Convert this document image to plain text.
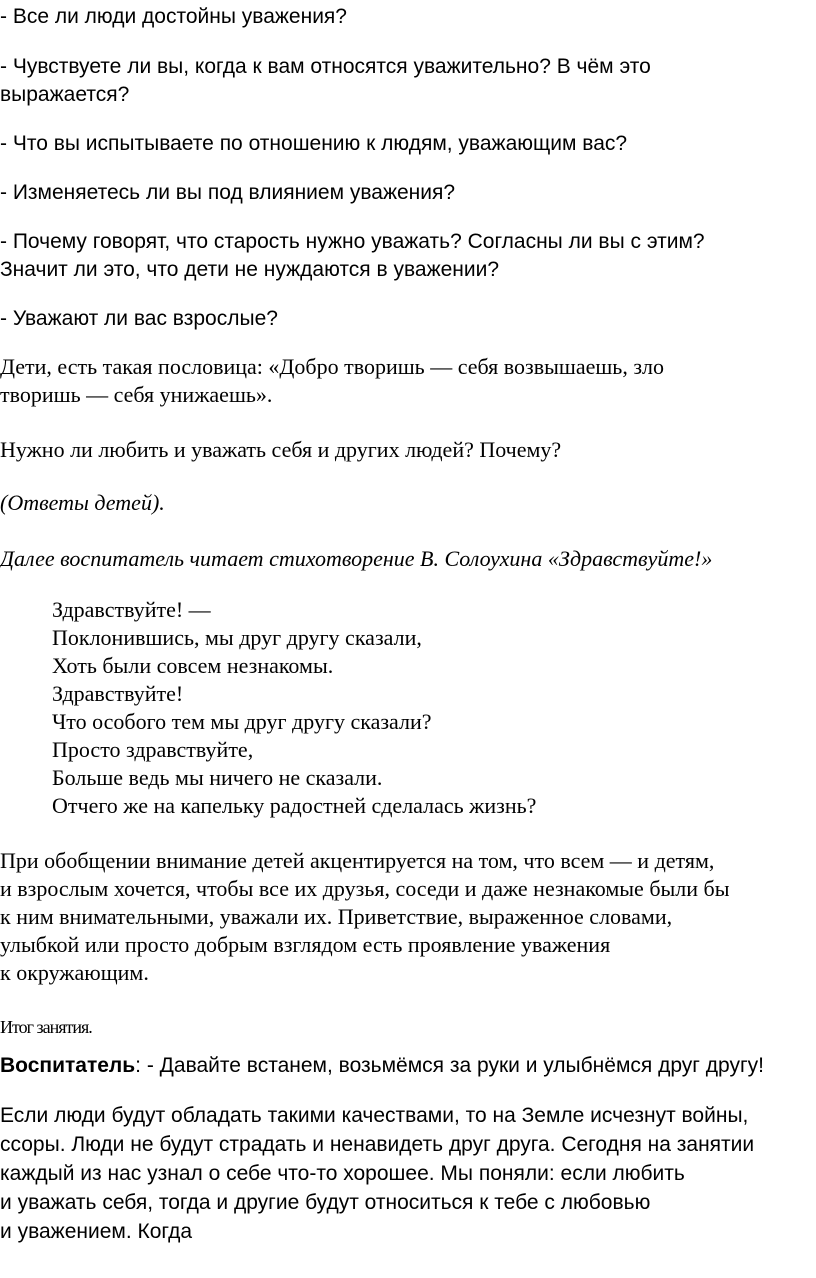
- Все ли люди достойны уважения?

- Чувствуете ли вы, когда к вам относятся уважительно? В чём это

выражается?

- Что вы испытываете по отношению к людям, уважающим вас?

- Изменяетесь ли вы под влиянием уважения?

- Почему говорят, что старость нужно уважать? Согласны ли вы с этим?

Значит ли это, что дети не нуждаются в уважении?

- Уважают ли вас взрослые?

Дети, есть такая пословица: «Добро творишь — себя возвышаешь, зло

творишь — себя унижаешь».

Нужно ли любить и уважать себя и других людей? Почему?

(Ответы детей).

Далее воспитатель читает стихотворение В. Солоухина «Здравствуйте!»

Здравствуйте! —

Поклонившись, мы друг другу сказали,

Хоть были совсем незнакомы.

Здравствуйте!

Что особого тем мы друг другу сказали?

Просто здравствуйте,

Больше ведь мы ничего не сказали.

Отчего же на капельку радостней сделалась жизнь?

При обобщении внимание детей акцентируется на том, что всем — и детям,

и взрослым хочется, чтобы все их друзья, соседи и даже незнакомые были бы

к ним внимательными, уважали их. Приветствие, выраженное словами,

улыбкой или просто добрым взглядом есть проявление уважения

к окружающим.

Итог занятия.

Воспитатель: - Давайте встанем, возьмёмся за руки и улыбнёмся друг другу!

Если люди будут обладать такими качествами, то на Земле исчезнут войны,

ссоры. Люди не будут страдать и ненавидеть друг друга. Сегодня на занятии

каждый из нас узнал о себе что-то хорошее. Мы поняли: если любить

и уважать себя, тогда и другие будут относиться к тебе с любовью

и уважением. Когда
